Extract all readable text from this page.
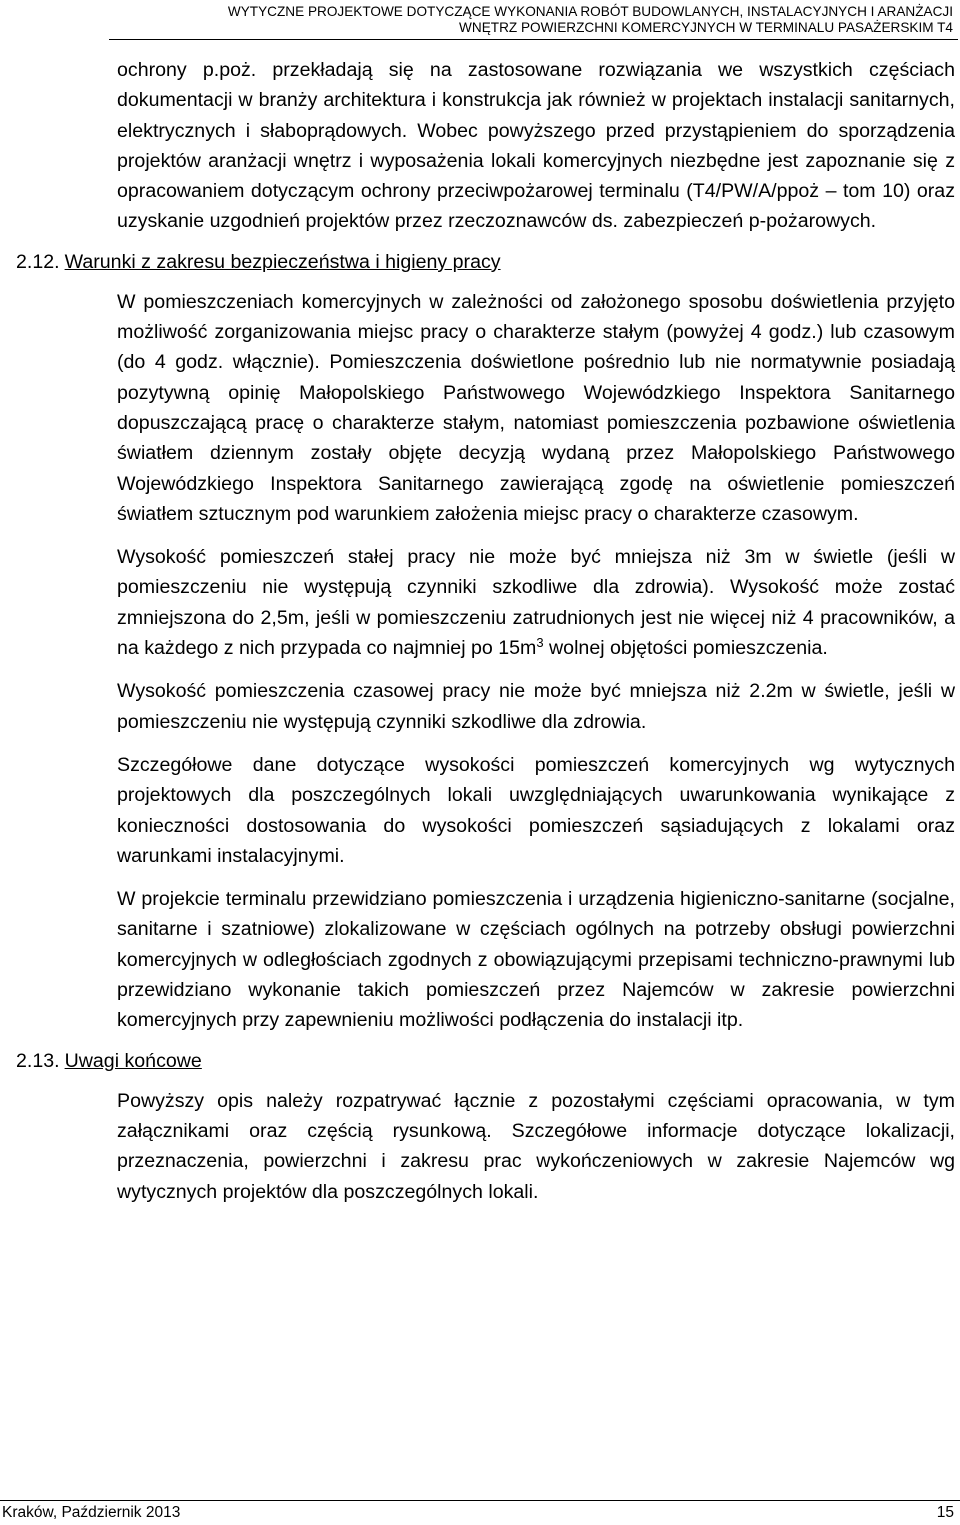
WYTYCZNE PROJEKTOWE DOTYCZĄCE WYKONANIA ROBÓT BUDOWLANYCH, INSTALACYJNYCH I ARANŻACJI
WNĘTRZ POWIERZCHNI KOMERCYJNYCH W TERMINALU PASAŻERSKIM T4

ochrony p.poż. przekładają się na zastosowane rozwiązania we wszystkich częściach dokumentacji w branży architektura i konstrukcja jak również w projektach instalacji sanitarnych, elektrycznych i słaboprądowych. Wobec powyższego przed przystąpieniem do sporządzenia projektów aranżacji wnętrz i wyposażenia lokali komercyjnych niezbędne jest zapoznanie się z opracowaniem dotyczącym ochrony przeciwpożarowej terminalu (T4/PW/A/ppoż – tom 10) oraz uzyskanie uzgodnień projektów przez rzeczoznawców ds. zabezpieczeń p-pożarowych.

2.12. Warunki z zakresu bezpieczeństwa i higieny pracy

W pomieszczeniach komercyjnych w zależności od założonego sposobu doświetlenia przyjęto możliwość zorganizowania miejsc pracy o charakterze stałym (powyżej 4 godz.) lub czasowym (do 4 godz. włącznie). Pomieszczenia doświetlone pośrednio lub nie normatywnie posiadają pozytywną opinię Małopolskiego Państwowego Wojewódzkiego Inspektora Sanitarnego dopuszczającą pracę o charakterze stałym, natomiast pomieszczenia pozbawione oświetlenia światłem dziennym zostały objęte decyzją wydaną przez Małopolskiego Państwowego Wojewódzkiego Inspektora Sanitarnego zawierającą zgodę na oświetlenie pomieszczeń światłem sztucznym pod warunkiem założenia miejsc pracy o charakterze czasowym.

Wysokość pomieszczeń stałej pracy nie może być mniejsza niż 3m w świetle (jeśli w pomieszczeniu nie występują czynniki szkodliwe dla zdrowia). Wysokość może zostać zmniejszona do 2,5m, jeśli w pomieszczeniu zatrudnionych jest nie więcej niż 4 pracowników, a na każdego z nich przypada co najmniej po $15m^3$ wolnej objętości pomieszczenia.

Wysokość pomieszczenia czasowej pracy nie może być mniejsza niż 2.2m w świetle, jeśli w pomieszczeniu nie występują czynniki szkodliwe dla zdrowia.

Szczegółowe dane dotyczące wysokości pomieszczeń komercyjnych wg wytycznych projektowych dla poszczególnych lokali uwzględniających uwarunkowania wynikające z konieczności dostosowania do wysokości pomieszczeń sąsiadujących z lokalami oraz warunkami instalacyjnymi.

W projekcie terminalu przewidziano pomieszczenia i urządzenia higieniczno-sanitarne (socjalne, sanitarne i szatniowe) zlokalizowane w częściach ogólnych na potrzeby obsługi powierzchni komercyjnych w odległościach zgodnych z obowiązującymi przepisami techniczno-prawnymi lub przewidziano wykonanie takich pomieszczeń przez Najemców w zakresie powierzchni komercyjnych przy zapewnieniu możliwości podłączenia do instalacji itp.

2.13. Uwagi końcowe

Powyższy opis należy rozpatrywać łącznie z pozostałymi częściami opracowania, w tym załącznikami oraz częścią rysunkową. Szczegółowe informacje dotyczące lokalizacji, przeznaczenia, powierzchni i zakresu prac wykończeniowych w zakresie Najemców wg wytycznych projektów dla poszczególnych lokali.

Kraków, Październik 2013	15
